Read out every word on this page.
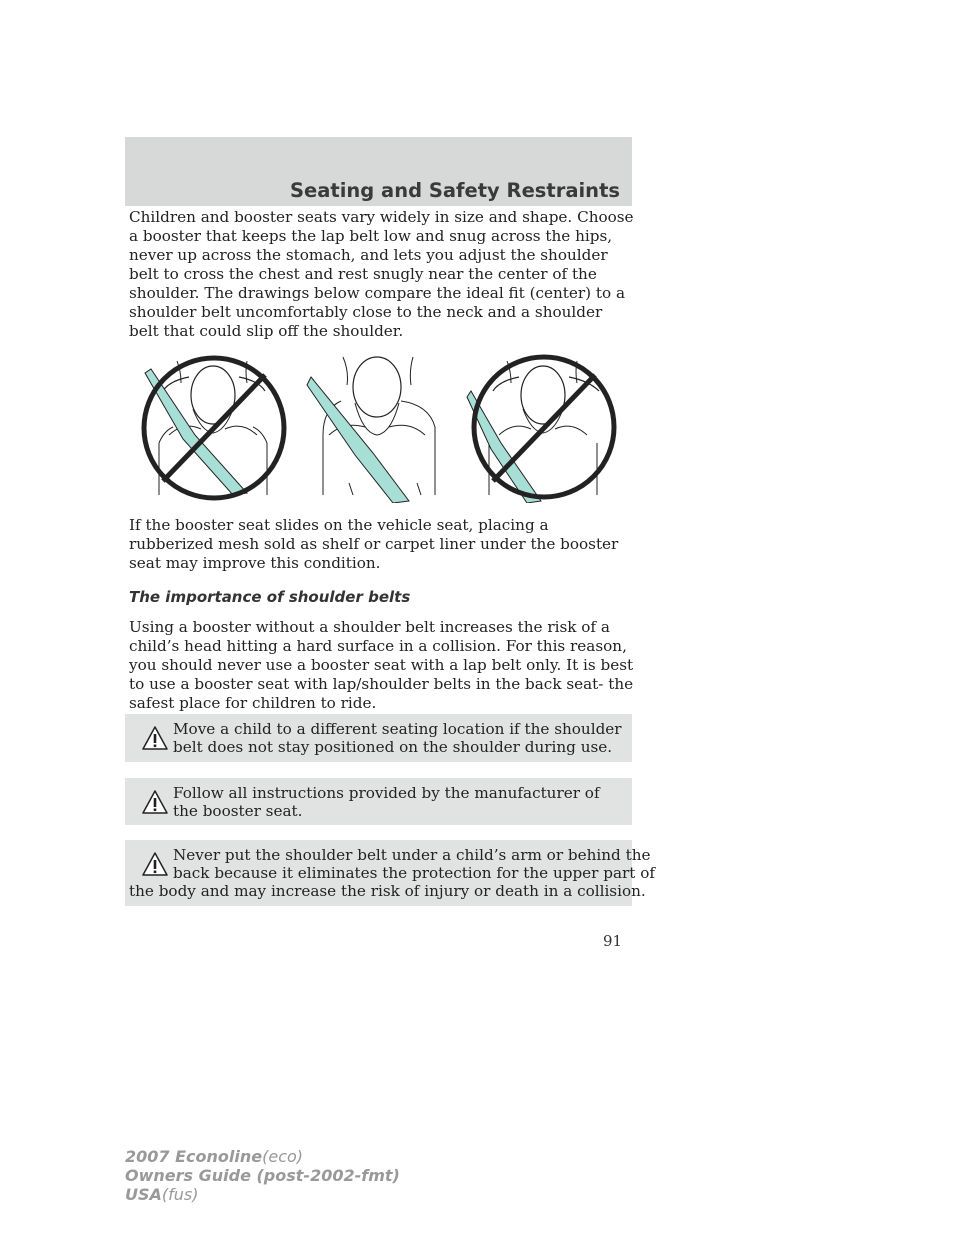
Seating and Safety Restraints

Children and booster seats vary widely in size and shape. Choose a booster that keeps the lap belt low and snug across the hips, never up across the stomach, and lets you adjust the shoulder belt to cross the chest and rest snugly near the center of the shoulder. The drawings below compare the ideal fit (center) to a shoulder belt uncomfortably close to the neck and a shoulder belt that could slip off the shoulder.

If the booster seat slides on the vehicle seat, placing a rubberized mesh sold as shelf or carpet liner under the booster seat may improve this condition.

The importance of shoulder belts

Using a booster without a shoulder belt increases the risk of a child’s head hitting a hard surface in a collision. For this reason, you should never use a booster seat with a lap belt only. It is best to use a booster seat with lap/shoulder belts in the back seat- the safest place for children to ride.

Move a child to a different seating location if the shoulder belt does not stay positioned on the shoulder during use.
Follow all instructions provided by the manufacturer of the booster seat.
Never put the shoulder belt under a child’s arm or behind the
back because it eliminates the protection for the upper part of
the body and may increase the risk of injury or death in a collision.
91
2007 Econoline(eco)
Owners Guide (post-2002-fmt)
USA(fus)
